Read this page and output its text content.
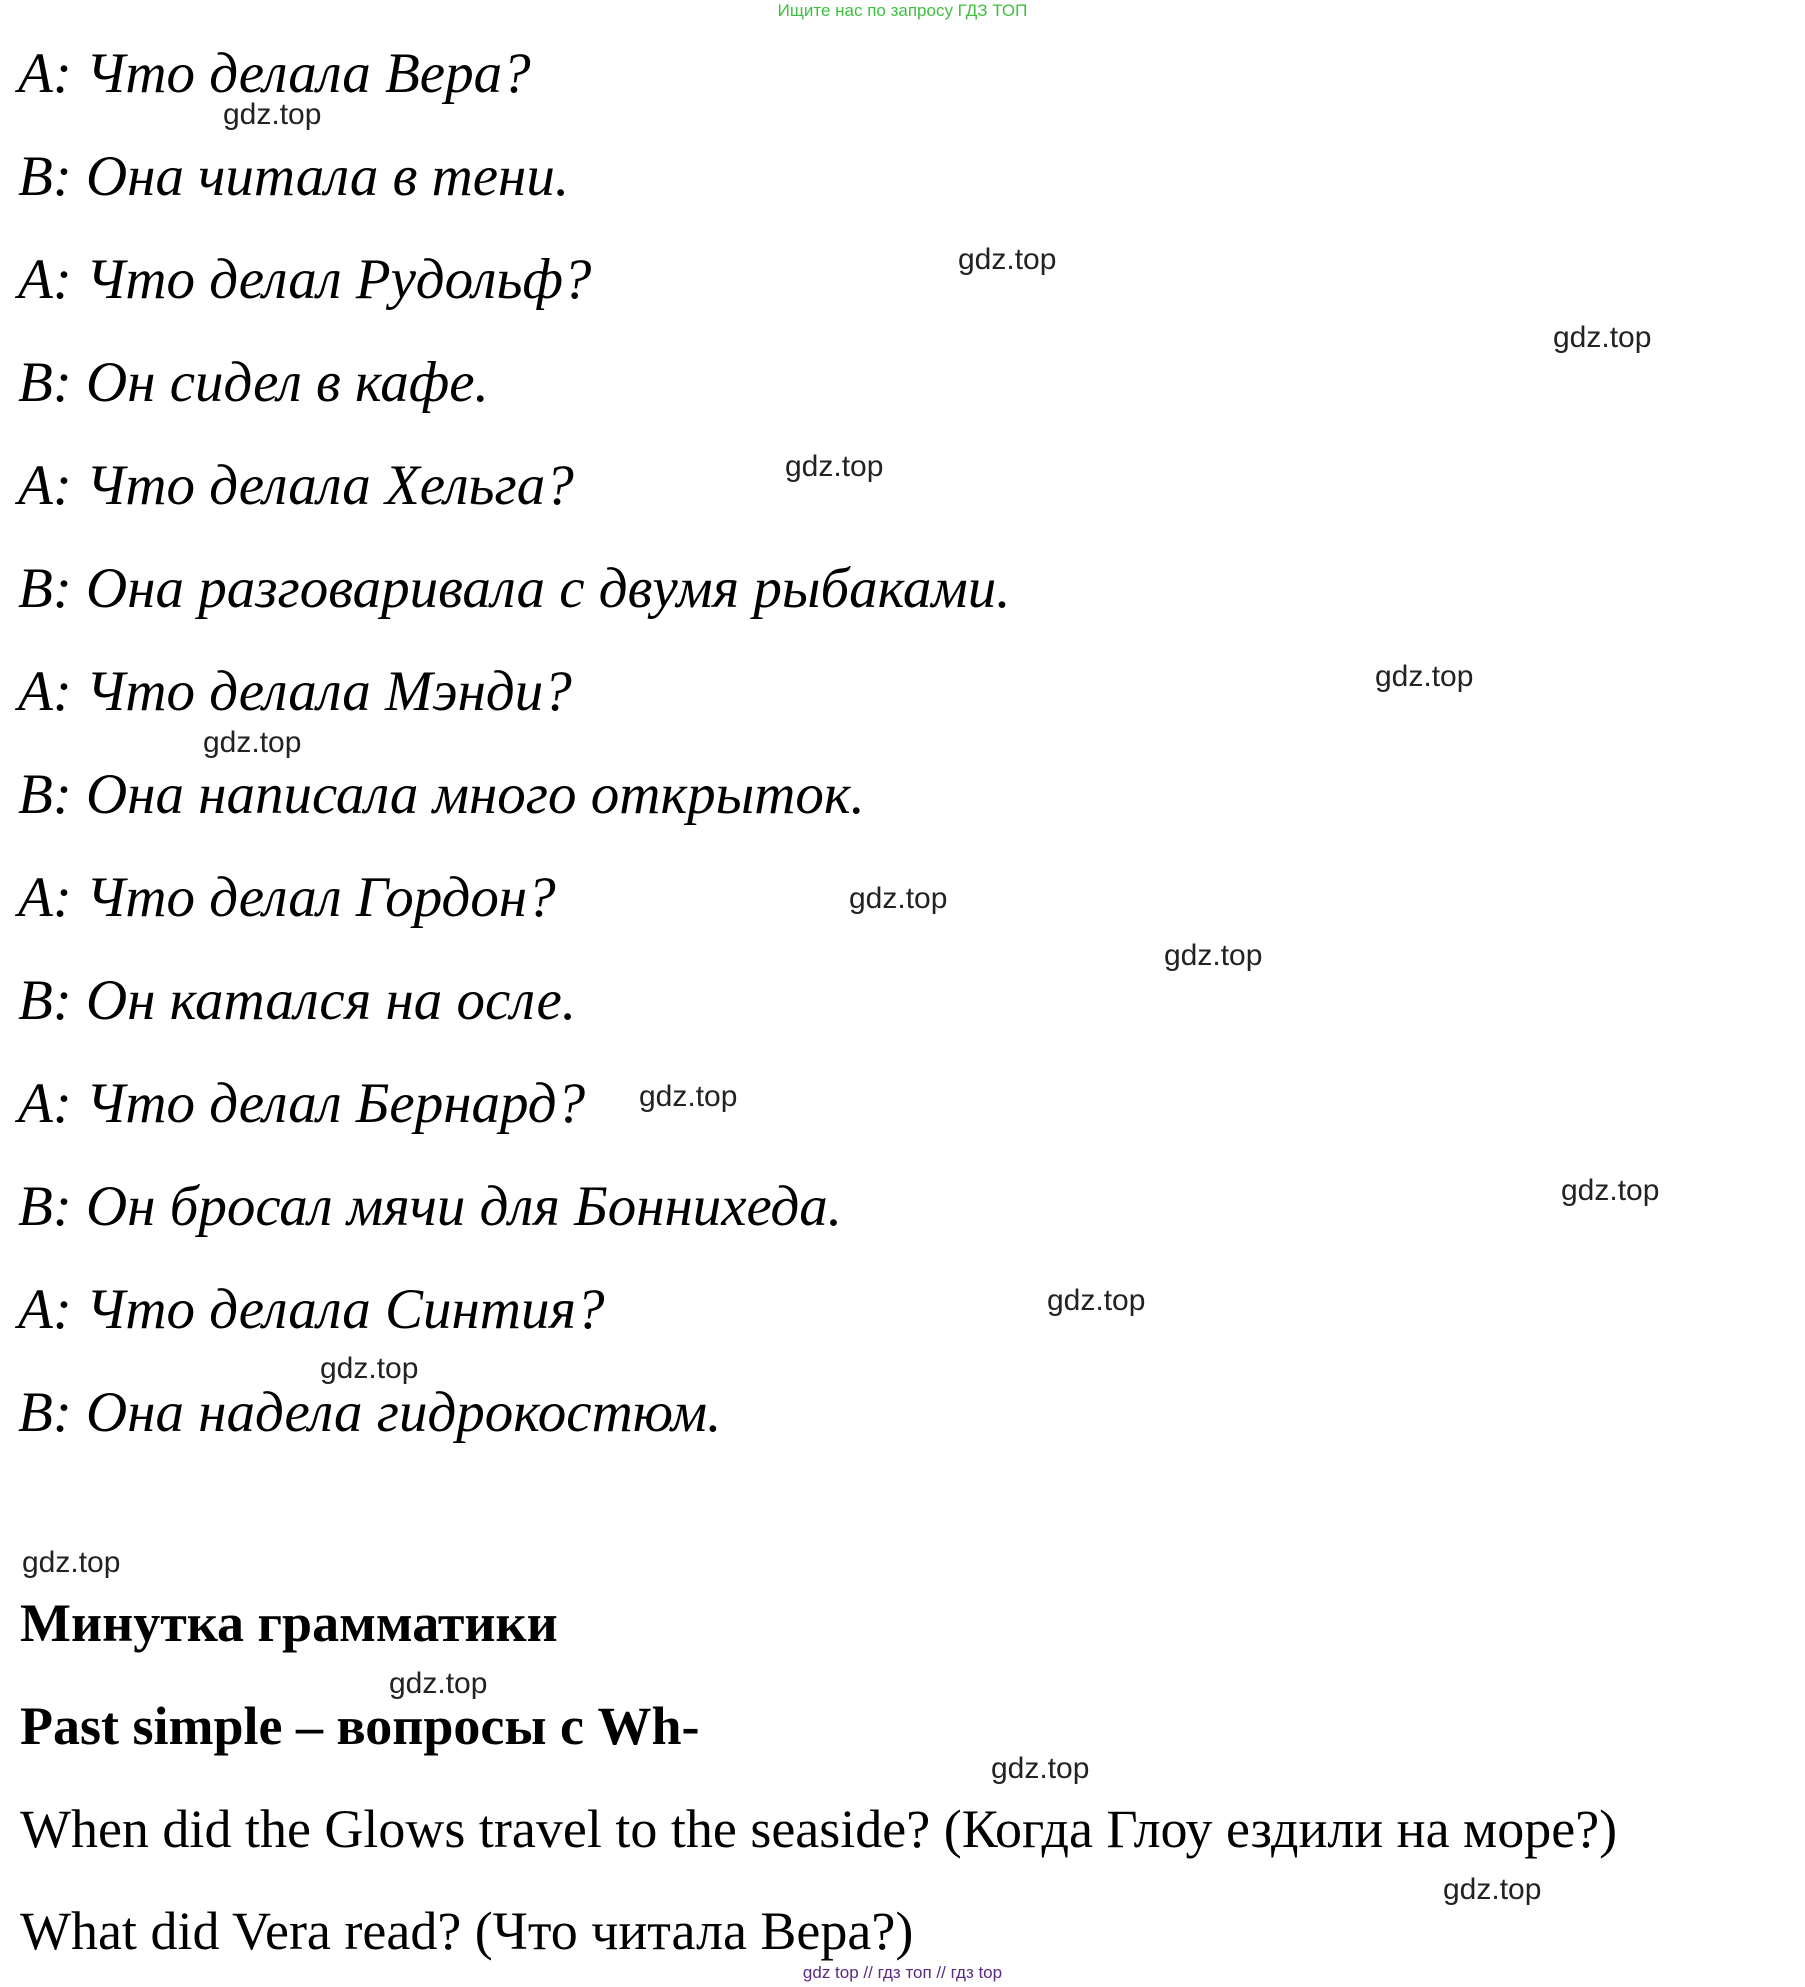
Ищите нас по запросу ГДЗ ТОП
A: Что делала Вера?
B: Она читала в тени.
A: Что делал Рудольф?
B: Он сидел в кафе.
A: Что делала Хельга?
B: Она разговаривала с двумя рыбаками.
A: Что делала Мэнди?
B: Она написала много открыток.
A: Что делал Гордон?
B: Он катался на осле.
A: Что делал Бернард?
B: Он бросал мячи для Боннихеда.
A: Что делала Синтия?
B: Она надела гидрокостюм.
Минутка грамматики
Past simple – вопросы с Wh-
When did the Glows travel to the seaside? (Когда Глоу ездили на море?)
What did Vera read? (Что читала Вера?)
gdz.top
gdz.top
gdz.top
gdz.top
gdz.top
gdz.top
gdz.top
gdz.top
gdz.top
gdz.top
gdz.top
gdz.top
gdz.top
gdz.top
gdz.top
gdz.top
gdz top // гдз топ // гдз top
